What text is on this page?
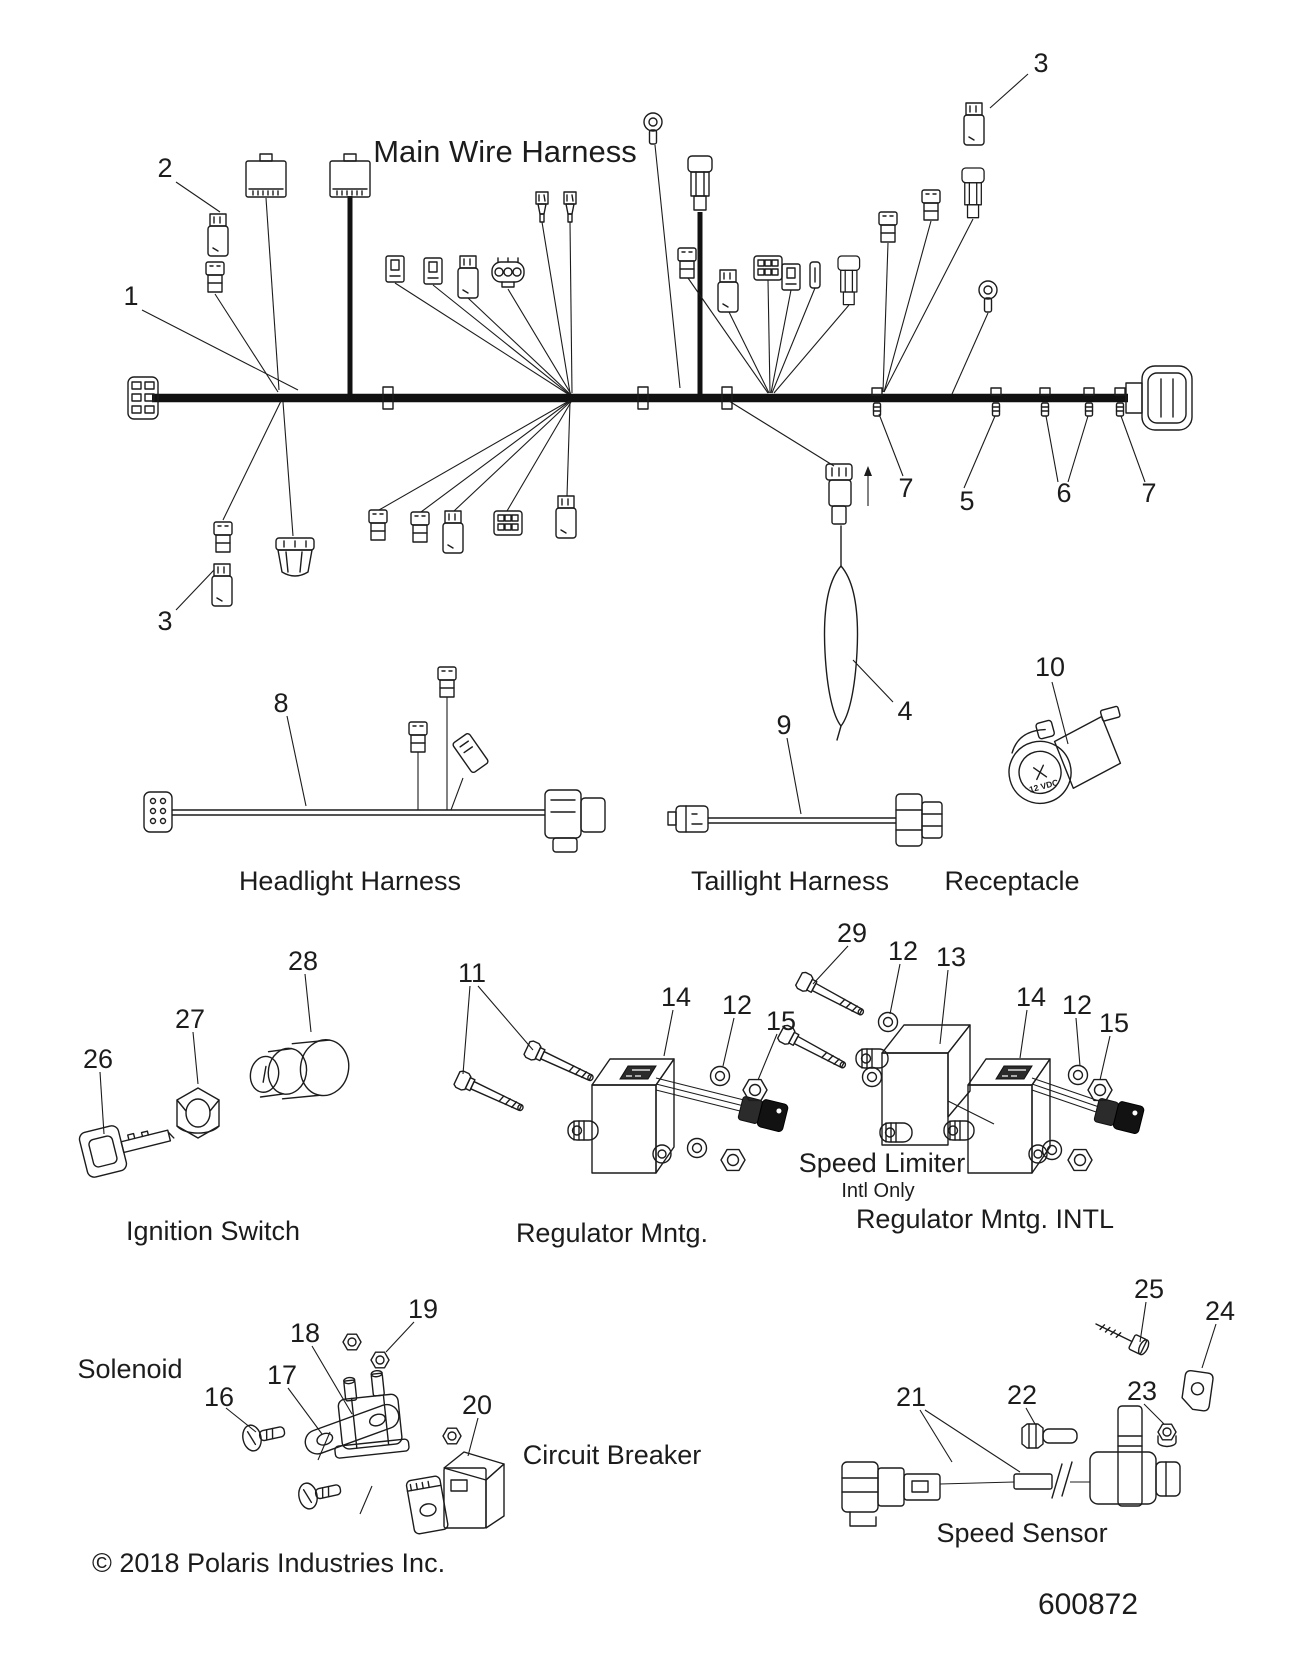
Main Wire Harness
1
2
3
3
4
7 5	6	7
8
Headlight Harness
9
Taillight Harness
12 VDC
10
Receptacle
26
27
28
Ignition Switch
11
14 12
15
Regulator Mntg.
29
12 13
Speed Limiter
Intl Only
14 12
15
Regulator Mntg. INTL
Solenoid
16
17
18
19
20
Circuit Breaker
21	22	23
24
25
Speed Sensor
© 2018 Polaris Industries Inc.
600872
